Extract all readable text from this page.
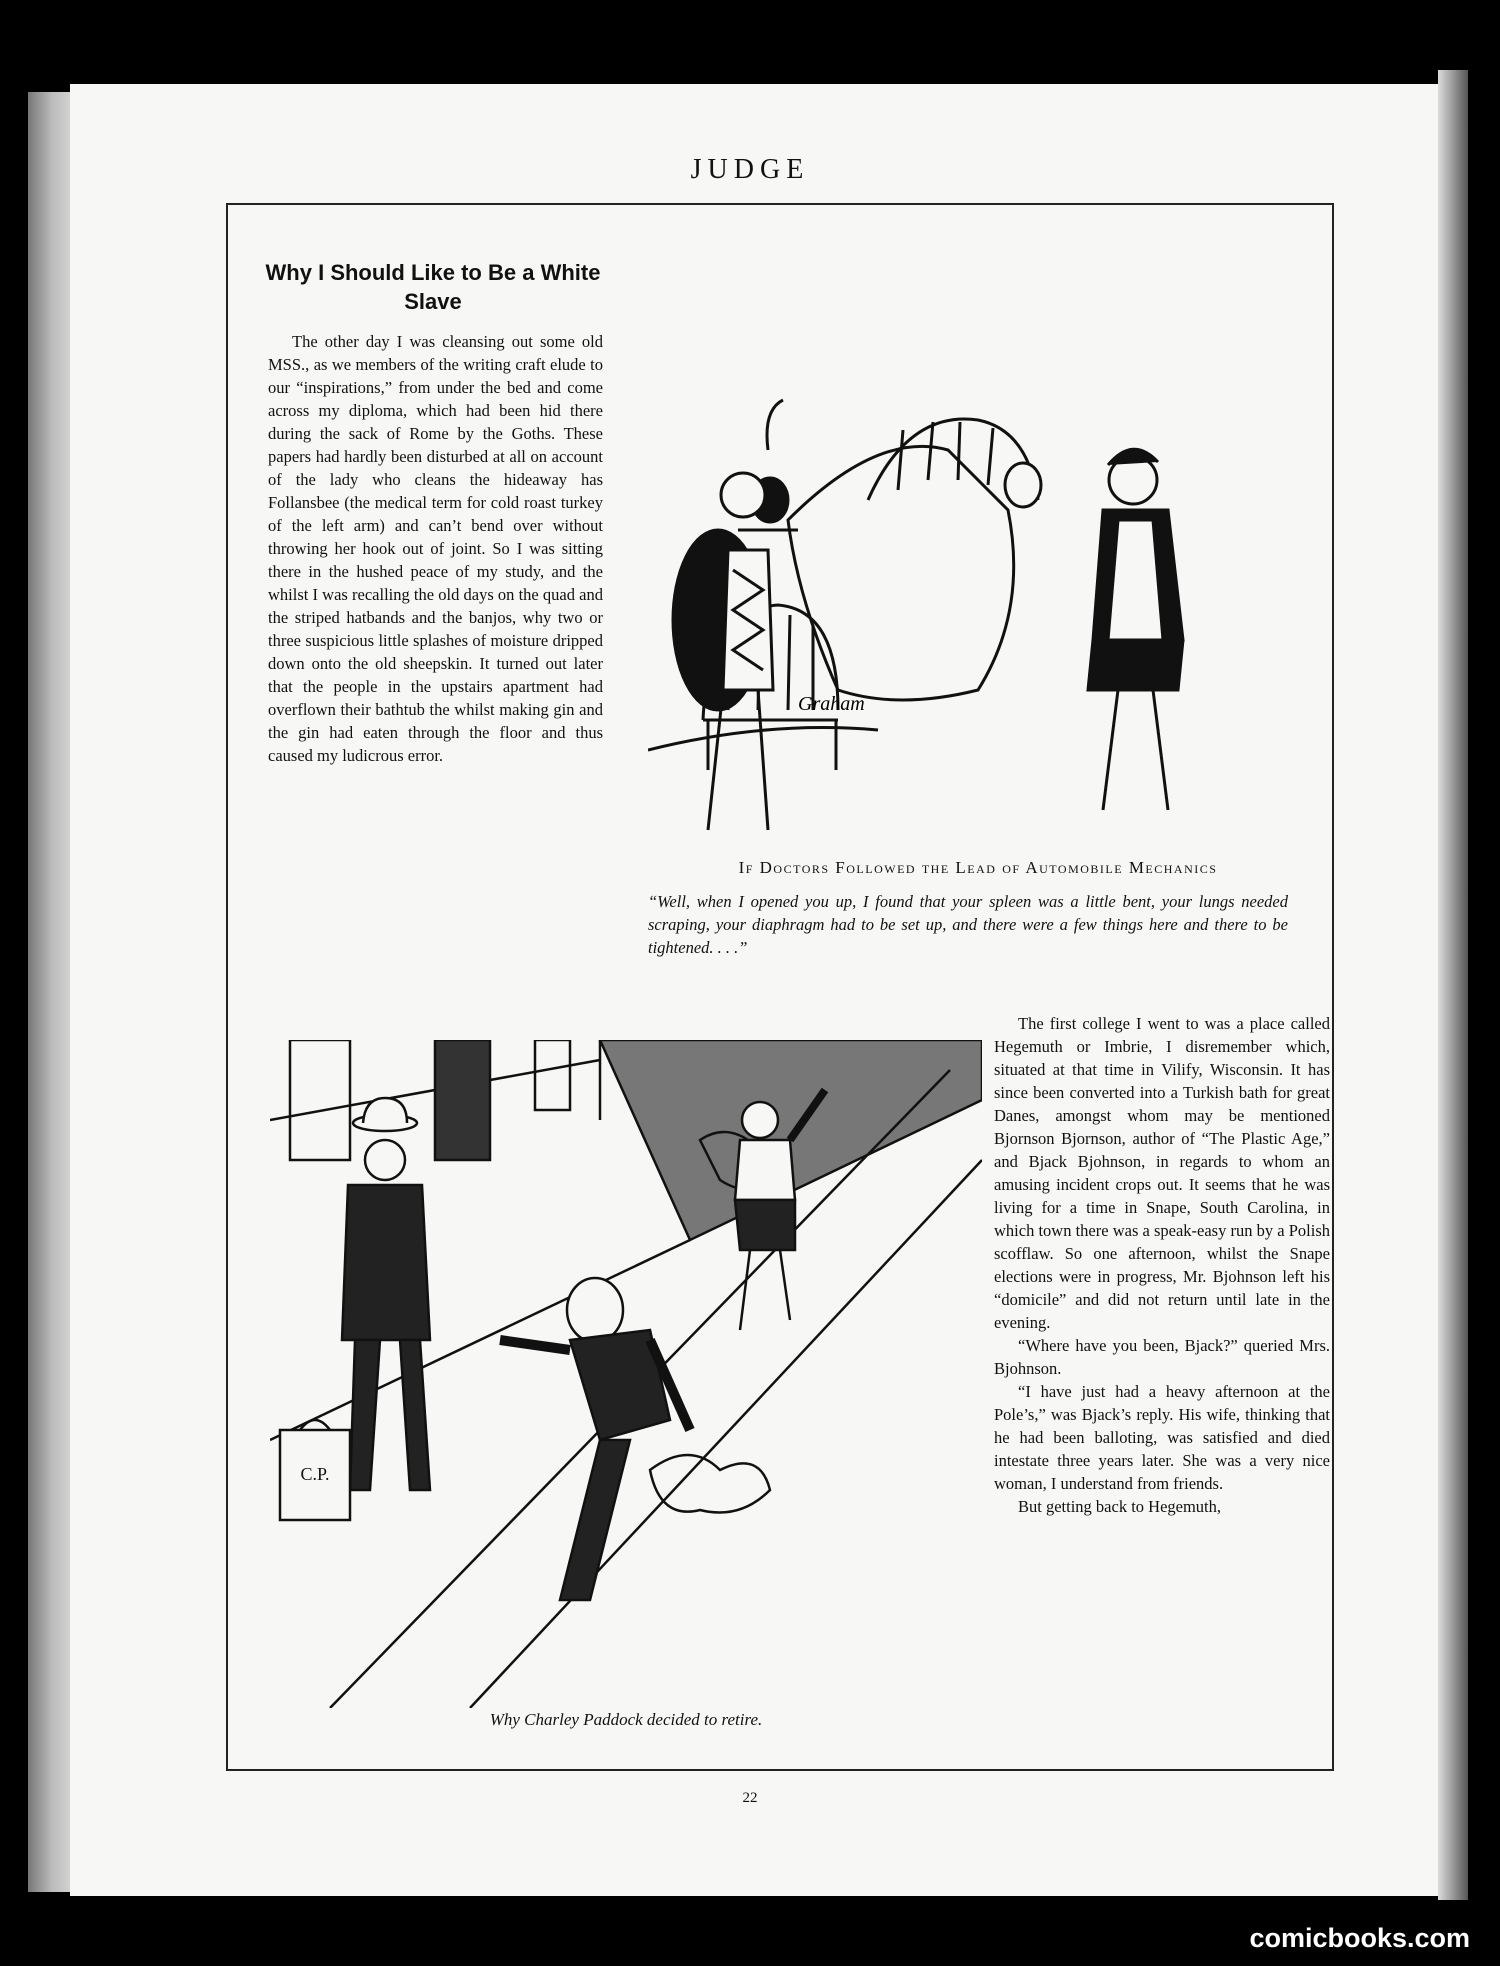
JUDGE
Why I Should Like to Be a White Slave

The other day I was cleansing out some old MSS., as we members of the writing craft elude to our “inspirations,” from under the bed and come across my diploma, which had been hid there during the sack of Rome by the Goths. These papers had hardly been disturbed at all on account of the lady who cleans the hideaway has Follansbee (the medical term for cold roast turkey of the left arm) and can’t bend over without throwing her hook out of joint. So I was sitting there in the hushed peace of my study, and the whilst I was recalling the old days on the quad and the striped hatbands and the banjos, why two or three suspicious little splashes of moisture dripped down onto the old sheepskin. It turned out later that the people in the upstairs apartment had overflown their bathtub the whilst making gin and the gin had eaten through the floor and thus caused my ludicrous error.

Graham
If Doctors Followed the Lead of Automobile Mechanics
“Well, when I opened you up, I found that your spleen was a little bent, your lungs needed scraping, your diaphragm had to be set up, and there were a few things here and there to be tightened. . . .”
C.P.
Why Charley Paddock decided to retire.

The first college I went to was a place called Hegemuth or Imbrie, I disremember which, situated at that time in Vilify, Wisconsin. It has since been converted into a Turkish bath for great Danes, amongst whom may be mentioned Bjornson Bjornson, author of “The Plastic Age,” and Bjack Bjohnson, in regards to whom an amusing incident crops out. It seems that he was living for a time in Snape, South Carolina, in which town there was a speak-easy run by a Polish scofflaw. So one afternoon, whilst the Snape elections were in progress, Mr. Bjohnson left his “domicile” and did not return until late in the evening.

“Where have you been, Bjack?” queried Mrs. Bjohnson.

“I have just had a heavy afternoon at the Pole’s,” was Bjack’s reply. His wife, thinking that he had been balloting, was satisfied and died intestate three years later. She was a very nice woman, I understand from friends.

But getting back to Hegemuth,

22
comicbooks.com
